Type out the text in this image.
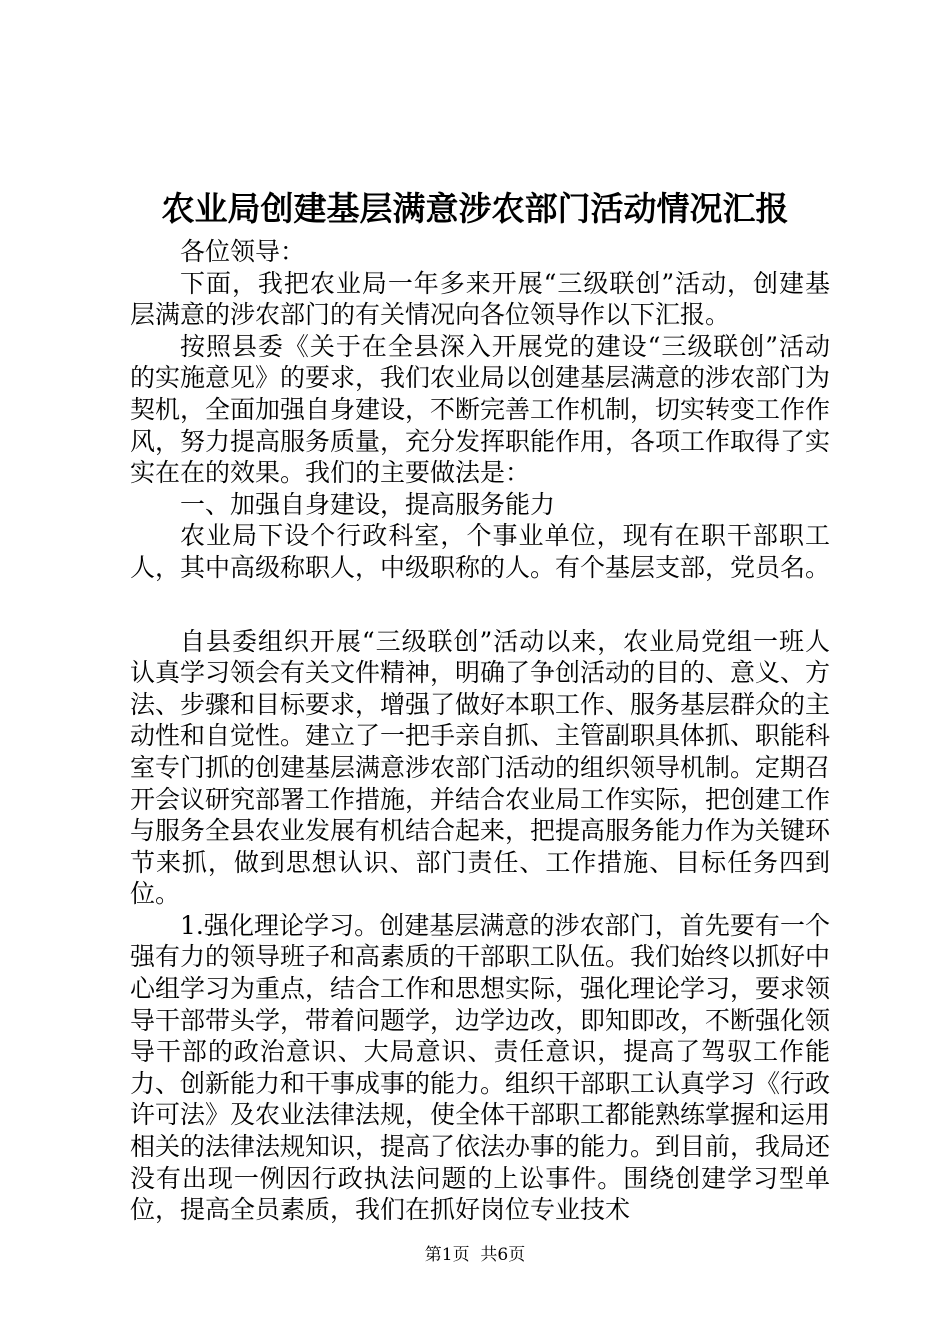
农业局创建基层满意涉农部门活动情况汇报

各位领导：

下面，我把农业局一年多来开展“三级联创”活动，创建基层满意的涉农部门的有关情况向各位领导作以下汇报。

按照县委《关于在全县深入开展党的建设“三级联创”活动的实施意见》的要求，我们农业局以创建基层满意的涉农部门为契机，全面加强自身建设，不断完善工作机制，切实转变工作作风，努力提高服务质量，充分发挥职能作用，各项工作取得了实实在在的效果。我们的主要做法是：

一、加强自身建设，提高服务能力

农业局下设个行政科室，个事业单位，现有在职干部职工人，其中高级称职人，中级职称的人。有个基层支部，党员名。

自县委组织开展“三级联创”活动以来，农业局党组一班人认真学习领会有关文件精神，明确了争创活动的目的、意义、方法、步骤和目标要求，增强了做好本职工作、服务基层群众的主动性和自觉性。建立了一把手亲自抓、主管副职具体抓、职能科室专门抓的创建基层满意涉农部门活动的组织领导机制。定期召开会议研究部署工作措施，并结合农业局工作实际，把创建工作与服务全县农业发展有机结合起来，把提高服务能力作为关键环节来抓，做到思想认识、部门责任、工作措施、目标任务四到位。

1.强化理论学习。创建基层满意的涉农部门，首先要有一个强有力的领导班子和高素质的干部职工队伍。我们始终以抓好中心组学习为重点，结合工作和思想实际，强化理论学习，要求领导干部带头学，带着问题学，边学边改，即知即改，不断强化领导干部的政治意识、大局意识、责任意识，提高了驾驭工作能力、创新能力和干事成事的能力。组织干部职工认真学习《行政许可法》及农业法律法规，使全体干部职工都能熟练掌握和运用相关的法律法规知识，提高了依法办事的能力。到目前，我局还没有出现一例因行政执法问题的上讼事件。围绕创建学习型单位，提高全员素质，我们在抓好岗位专业技术

第1页  共6页
